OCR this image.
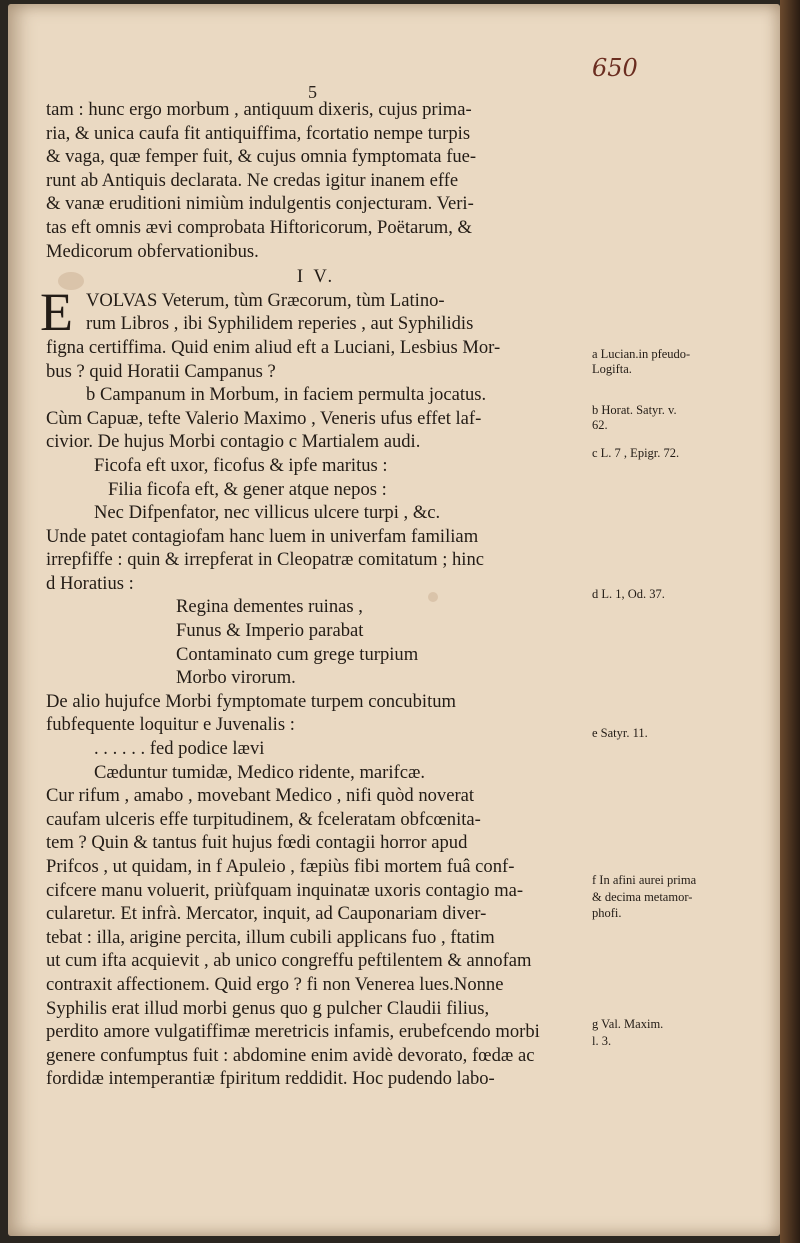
650
5
tam : hunc ergo morbum , antiquum dixeris, cujus prima-
ria, & unica caufa fit antiquiffima, fcortatio nempe turpis
& vaga, quæ femper fuit, & cujus omnia fymptomata fue-
runt ab Antiquis declarata. Ne credas igitur inanem effe
& vanæ eruditioni nimiùm indulgentis conjecturam. Veri-
tas eft omnis ævi comprobata Hiftoricorum, Poëtarum, &
Medicorum obfervationibus.
I V.
E VOLVAS Veterum, tùm Græcorum, tùm Latino-
rum Libros , ibi Syphilidem reperies , aut Syphilidis
figna certiffima. Quid enim aliud eft a Luciani, Lesbius Mor-
bus ? quid Horatii Campanus ?
b Campanum in Morbum, in faciem permulta jocatus.
Cùm Capuæ, tefte Valerio Maximo , Veneris ufus effet laf-
civior. De hujus Morbi contagio c Martialem audi.
Ficofa eft uxor, ficofus & ipfe maritus :
Filia ficofa eft, & gener atque nepos :
Nec Difpenfator, nec villicus ulcere turpi , &c.
Unde patet contagiofam hanc luem in univerfam familiam
irrepfiffe : quin & irrepferat in Cleopatræ comitatum ; hinc
d Horatius :
Regina dementes ruinas ,
Funus & Imperio parabat
Contaminato cum grege turpium
Morbo virorum.
De alio hujufce Morbi fymptomate turpem concubitum
fubfequente loquitur e Juvenalis :
. . . . . . fed podice lævi
Cæduntur tumidæ, Medico ridente, marifcæ.
Cur rifum , amabo , movebant Medico , nifi quòd noverat
caufam ulceris effe turpitudinem, & fceleratam obfcœnita-
tem ? Quin & tantus fuit hujus fœdi contagii horror apud
Prifcos , ut quidam, in f Apuleio , fæpiùs fibi mortem fuâ conf-
cifcere manu voluerit, priùfquam inquinatæ uxoris contagio ma-
cularetur. Et infrà. Mercator, inquit, ad Cauponariam diver-
tebat : illa, arigine percita, illum cubili applicans fuo , ftatim
ut cum ifta acquievit , ab unico congreffu peftilentem & annofam
contraxit affectionem. Quid ergo ? fi non Venerea lues.Nonne
Syphilis erat illud morbi genus quo g pulcher Claudii filius,
perdito amore vulgatiffimæ meretricis infamis, erubefcendo morbi
genere confumptus fuit : abdomine enim avidè devorato, fœdæ ac
fordidæ intemperantiæ fpiritum reddidit. Hoc pudendo labo-
a Lucian.in pfeudo-
Logifta.
b Horat. Satyr. v.
62.
c L. 7 , Epigr. 72.
d L. 1, Od. 37.
e Satyr. 11.
f In afini aurei prima
& decima metamor-
phofi.
g Val. Maxim.
l. 3.
